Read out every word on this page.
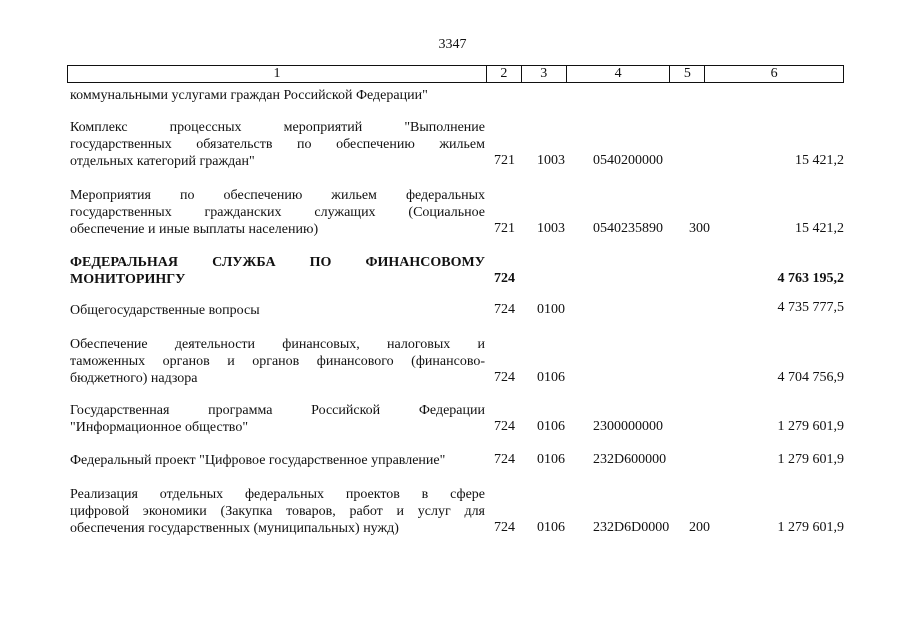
3347
1	2	3	4	5	6
коммунальными услугами граждан Российской Федерации"
Комплекс процессных мероприятий "Выполнение
государственных обязательств по обеспечению жильем
отдельных категорий граждан"	721 1003 0540200000	15 421,2
Мероприятия по обеспечению жильем федеральных
государственных гражданских служащих (Социальное
обеспечение и иные выплаты населению)	721 1003 0540235890 300	15 421,2
ФЕДЕРАЛЬНАЯ СЛУЖБА ПО ФИНАНСОВОМУ
МОНИТОРИНГУ	724	4 763 195,2
Общегосударственные вопросы	724 0100	4 735 777,5
Обеспечение деятельности финансовых, налоговых и
таможенных органов и органов финансового (финансово-
бюджетного) надзора	724 0106	4 704 756,9
Государственная программа Российской Федерации
"Информационное общество"	724 0106 2300000000	1 279 601,9
Федеральный проект "Цифровое государственное управление"	724 0106 232D600000	1 279 601,9
Реализация отдельных федеральных проектов в сфере
цифровой экономики (Закупка товаров, работ и услуг для
обеспечения государственных (муниципальных) нужд)	724 0106 232D6D0000 200	1 279 601,9
